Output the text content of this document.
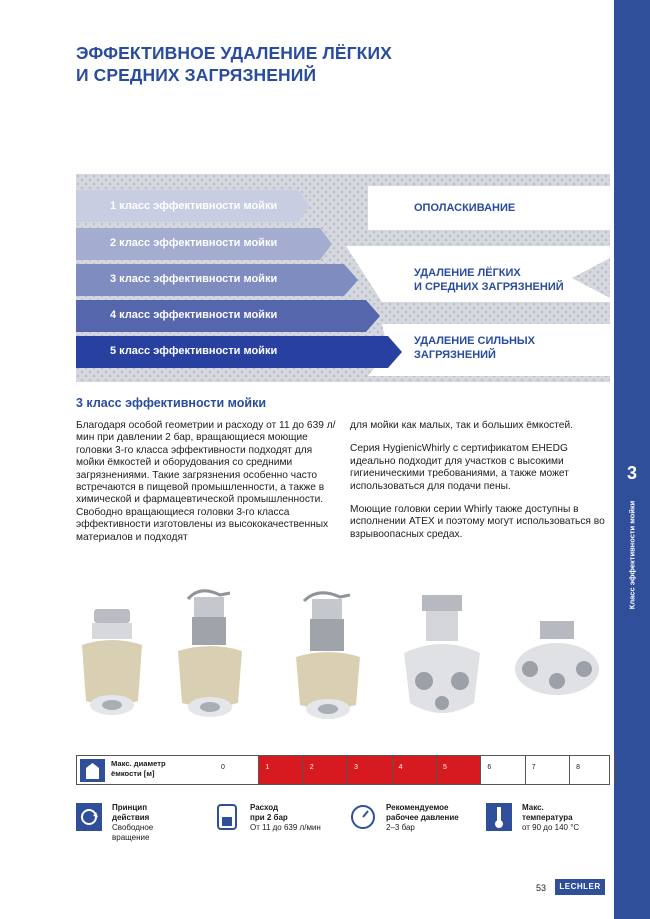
ЭФФЕКТИВНОЕ УДАЛЕНИЕ ЛЁГКИХ
И СРЕДНИХ ЗАГРЯЗНЕНИЙ
3
Класс эффективности мойки
1 класс эффективности мойки
2 класс эффективности мойки
3 класс эффективности мойки
4 класс эффективности мойки
5 класс эффективности мойки
ОПОЛАСКИВАНИЕ
УДАЛЕНИЕ ЛЁГКИХ
И СРЕДНИХ ЗАГРЯЗНЕНИЙ
УДАЛЕНИЕ СИЛЬНЫХ
ЗАГРЯЗНЕНИЙ
3 класс эффективности мойки

Благодаря особой геометрии и расходу от 11 до 639 л/мин при давлении 2 бар, вращающиеся моющие головки 3-го класса эффективности подходят для мойки ёмкостей и оборудования со средними загрязнениями. Такие загрязнения особенно часто встречаются в пищевой промышленности, а также в химической и фармацевтической промышленности. Свободно вращающиеся головки 3-го класса эффективности изготовлены из высококачественных материалов и подходят

для мойки как малых, так и больших ёмкостей.

Серия HygienicWhirly с сертификатом EHEDG идеально подходит для участков с высокими гигиеническими требованиями, а также может использоваться для подачи пены.

Моющие головки серии Whirly также доступны в исполнении ATEX и поэтому могут использоваться во взрывоопасных средах.

Макс. диаметр
ёмкости [м]
0	1	2	3	4	5	6	7	8
Принцип
действия
Свободное
вращение
Расход
при 2 бар
От 11 до 639 л/мин
Рекомендуемое
рабочее давление
2–3 бар
Макс.
температура
от 90 до 140 °C
53	LECHLER
